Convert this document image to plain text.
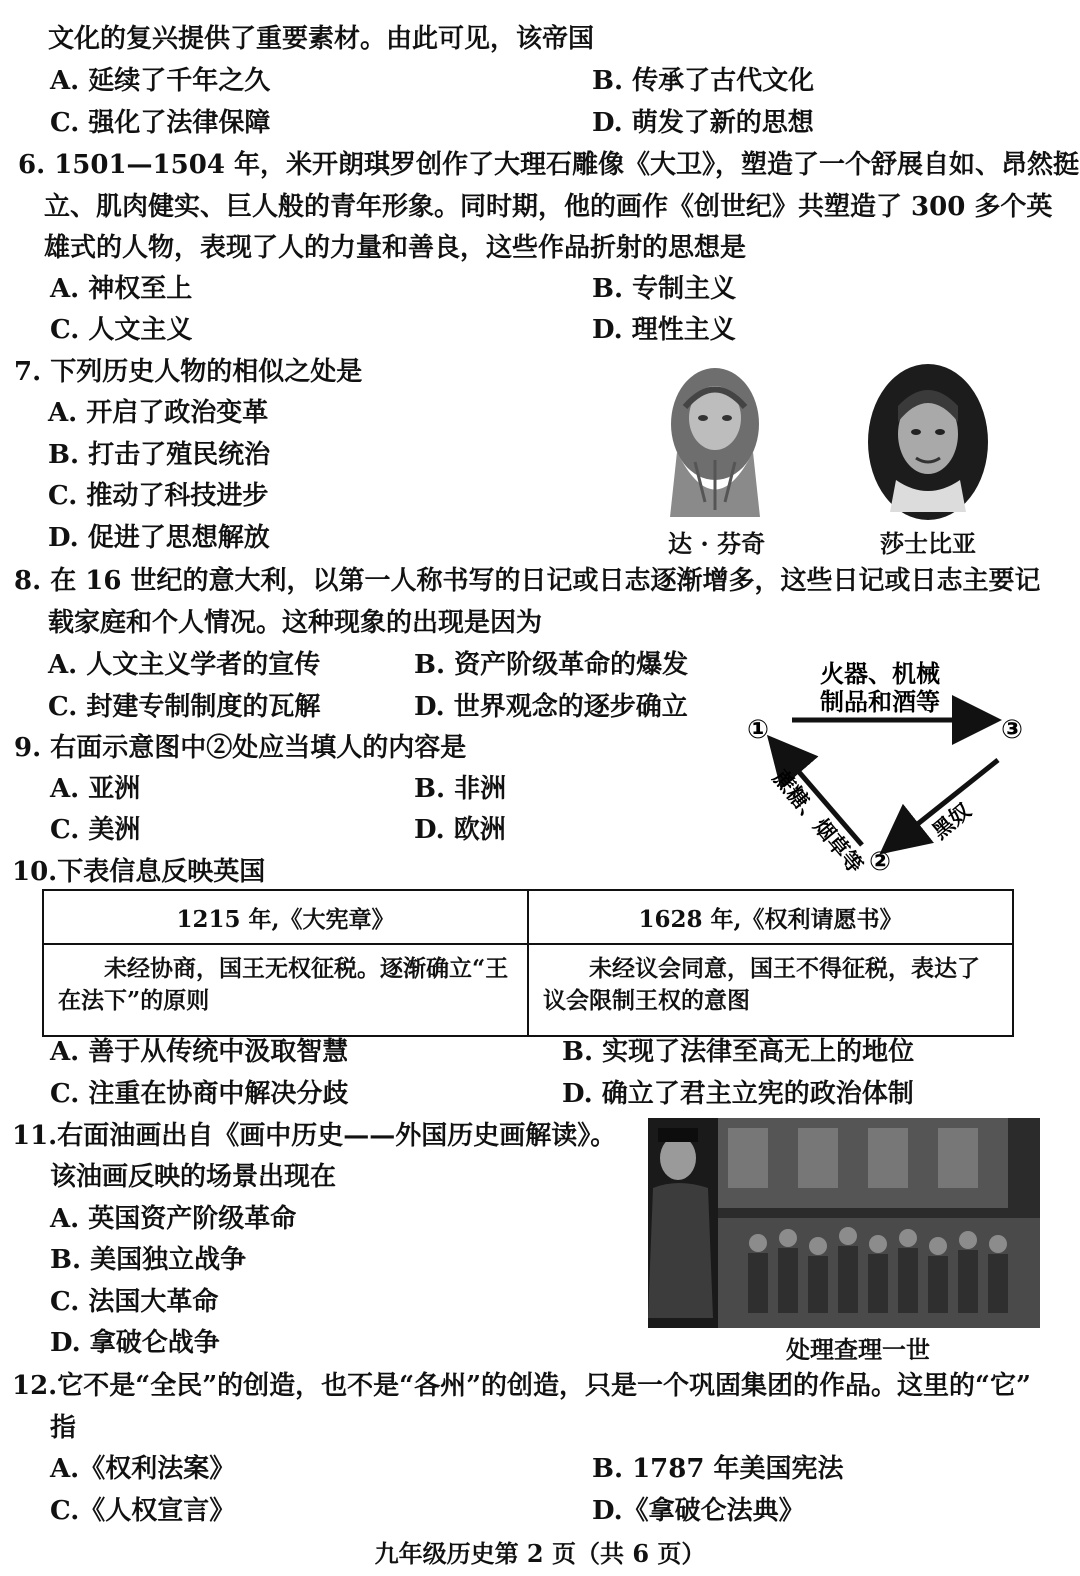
文化的复兴提供了重要素材。由此可见，该帝国
A. 延续了千年之久	B. 传承了古代文化
C. 强化了法律保障	D. 萌发了新的思想
6. 1501—1504 年，米开朗琪罗创作了大理石雕像《大卫》，塑造了一个舒展自如、昂然挺
立、肌肉健实、巨人般的青年形象。同时期，他的画作《创世纪》共塑造了 300 多个英
雄式的人物，表现了人的力量和善良，这些作品折射的思想是
A. 神权至上	B. 专制主义
C. 人文主义	D. 理性主义
7. 下列历史人物的相似之处是
A. 开启了政治变革
B. 打击了殖民统治
C. 推动了科技进步
D. 促进了思想解放	达 · 芬奇	莎士比亚
8. 在 16 世纪的意大利，以第一人称书写的日记或日志逐渐增多，这些日记或日志主要记
载家庭和个人情况。这种现象的出现是因为
A. 人文主义学者的宣传	B. 资产阶级革命的爆发
C. 封建专制制度的瓦解	D. 世界观念的逐步确立
火器、机械
制品和酒等
①	③
②
蔗糖、烟草等	黑奴
9. 右面示意图中②处应当填人的内容是
A. 亚洲	B. 非洲
C. 美洲	D. 欧洲
10.下表信息反映英国
1215 年,《大宪章》	1628 年,《权利请愿书》
未经协商，国王无权征税。逐渐确立“王在法下”的原则	未经议会同意，国王不得征税，表达了议会限制王权的意图
A. 善于从传统中汲取智慧	B. 实现了法律至高无上的地位
C. 注重在协商中解决分歧	D. 确立了君主立宪的政治体制
11.右面油画出自《画中历史——外国历史画解读》。
该油画反映的场景出现在
A. 英国资产阶级革命
B. 美国独立战争
C. 法国大革命
D. 拿破仑战争	处理查理一世
12.它不是“全民”的创造，也不是“各州”的创造，只是一个巩固集团的作品。这里的“它”
指
A.《权利法案》	B. 1787 年美国宪法
C.《人权宣言》	D.《拿破仑法典》
九年级历史第 2 页（共 6 页）
